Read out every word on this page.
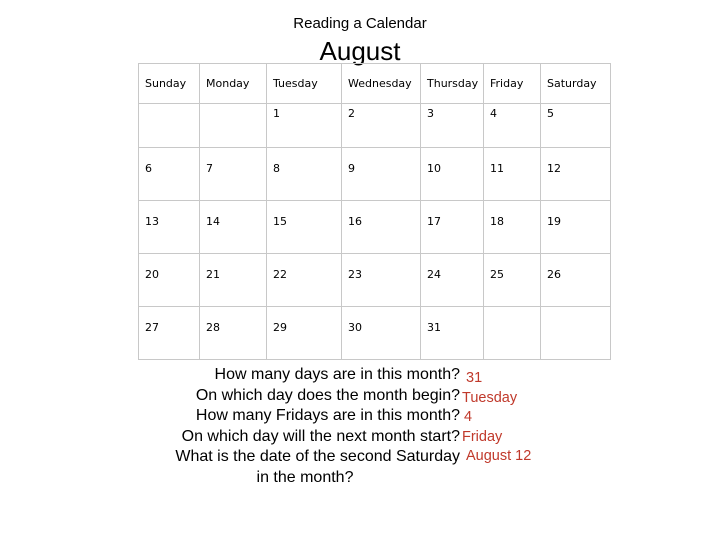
Reading a Calendar
August
Sunday	Monday	Tuesday	Wednesday	Thursday	Friday	Saturday

		1	2	3	4	5

6	7	8	9	10	11	12

13	14	15	16	17	18	19

20	21	22	23	24	25	26

27	28	29	30	31		

How many days are in this month?
On which day does the month begin?
How many Fridays are in this month?
On which day will the next month start?
What is the date of the second Saturday
in the month?
31
Tuesday
4
Friday
August 12
